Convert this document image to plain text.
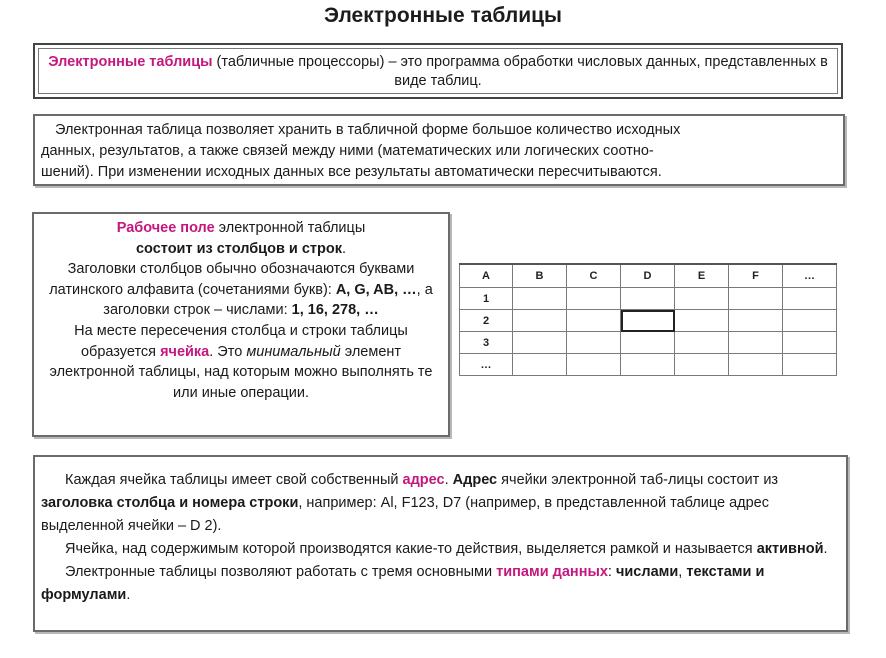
Электронные таблицы
Электронные таблицы (табличные процессоры) – это программа обработки числовых данных, представленных в виде таблиц.

Электронная таблица позволяет хранить в табличной форме большое количество исходных

данных, результатов, а также связей между ними (математических или логических соотно-

шений). При изменении исходных данных все результаты автоматически пересчитываются.

Рабочее поле электронной таблицы
состоит из столбцов и строк.

Заголовки столбцов обычно обозначаются буквами латинского алфавита (сочетаниями букв): A, G, AB, …, а заголовки строк – числами: 1, 16, 278, …

На месте пересечения столбца и строки таблицы образуется ячейка. Это минимальный элемент электронной таблицы, над которым можно выполнять те или иные операции.

A	B	C	D	E	F	…
1						
2						
3						
…						

Каждая ячейка таблицы имеет свой собственный адрес. Адрес ячейки электронной таб-лицы состоит из заголовка столбца и номера строки, например: Al, F123, D7 (например, в представленной таблице адрес выделенной ячейки – D 2).

Ячейка, над содержимым которой производятся какие-то действия, выделяется рамкой и называется активной.

Электронные таблицы позволяют работать с тремя основными типами данных: числами, текстами и формулами.
